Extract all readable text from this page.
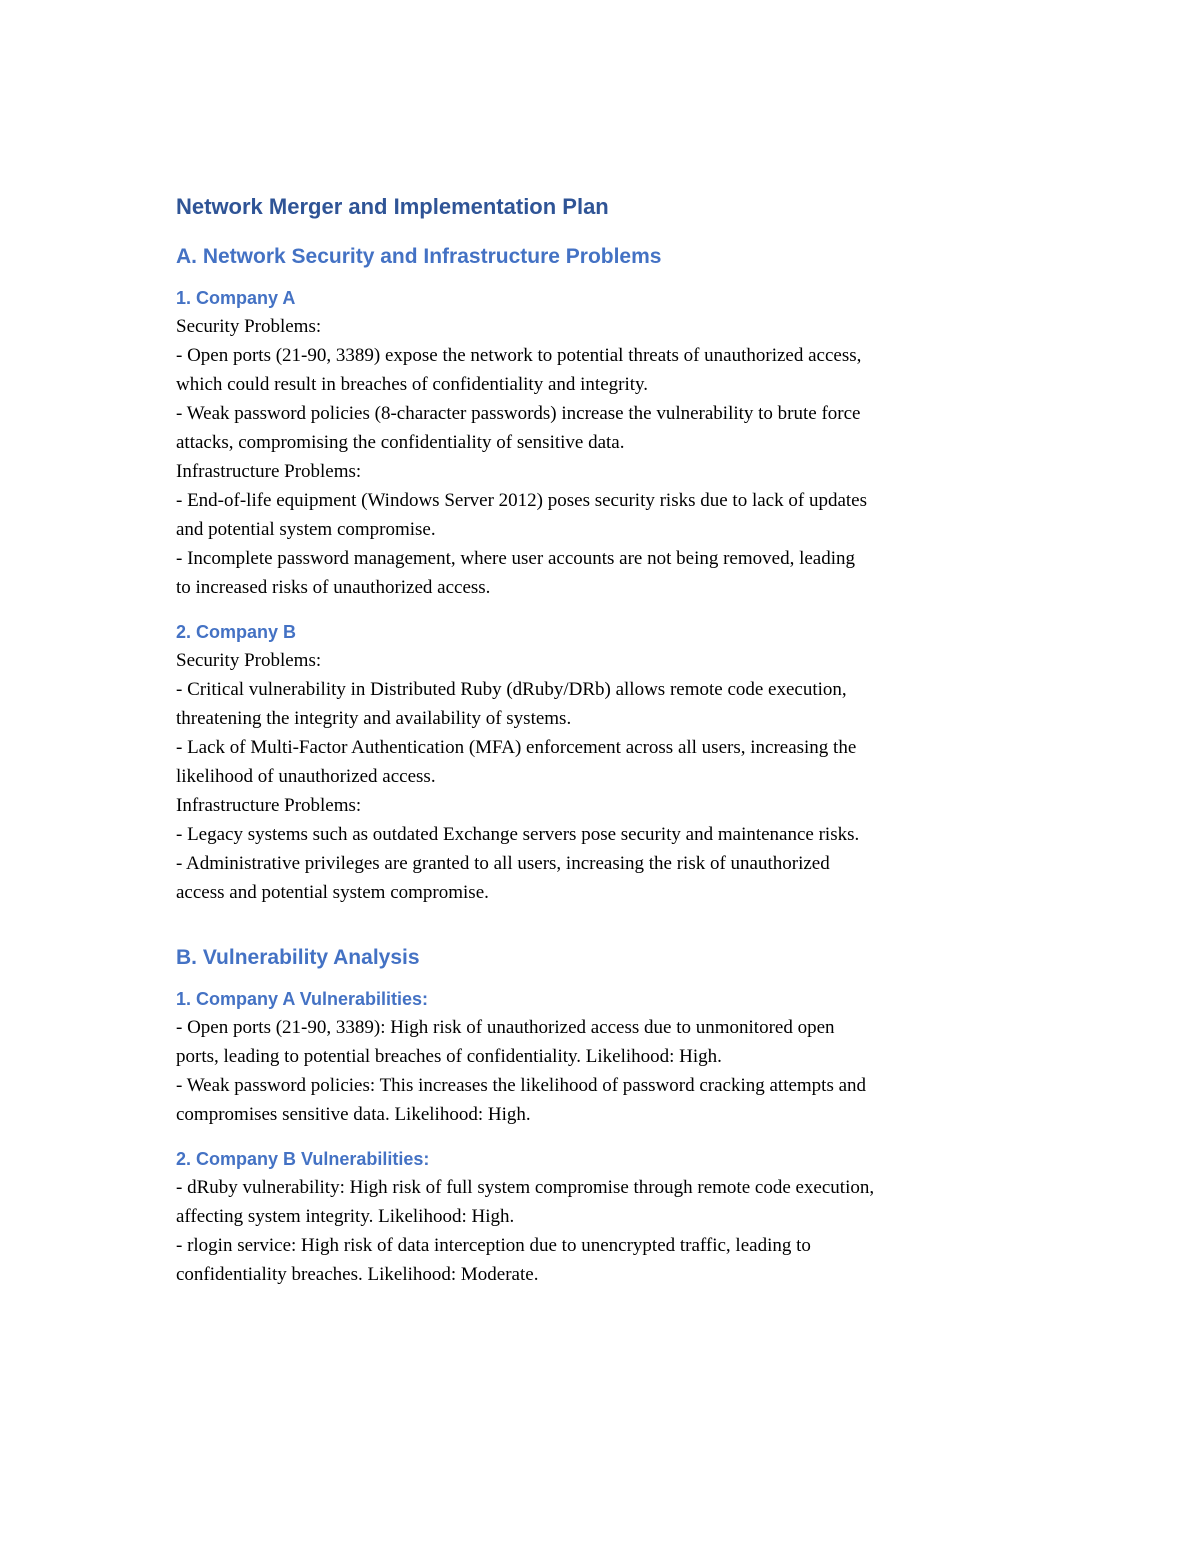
Network Merger and Implementation Plan
A. Network Security and Infrastructure Problems
1. Company A
Security Problems:
- Open ports (21-90, 3389) expose the network to potential threats of unauthorized access,
which could result in breaches of confidentiality and integrity.
- Weak password policies (8-character passwords) increase the vulnerability to brute force
attacks, compromising the confidentiality of sensitive data.
Infrastructure Problems:
- End-of-life equipment (Windows Server 2012) poses security risks due to lack of updates
and potential system compromise.
- Incomplete password management, where user accounts are not being removed, leading
to increased risks of unauthorized access.
2. Company B
Security Problems:
- Critical vulnerability in Distributed Ruby (dRuby/DRb) allows remote code execution,
threatening the integrity and availability of systems.
- Lack of Multi-Factor Authentication (MFA) enforcement across all users, increasing the
likelihood of unauthorized access.
Infrastructure Problems:
- Legacy systems such as outdated Exchange servers pose security and maintenance risks.
- Administrative privileges are granted to all users, increasing the risk of unauthorized
access and potential system compromise.
B. Vulnerability Analysis
1. Company A Vulnerabilities:
- Open ports (21-90, 3389): High risk of unauthorized access due to unmonitored open
ports, leading to potential breaches of confidentiality. Likelihood: High.
- Weak password policies: This increases the likelihood of password cracking attempts and
compromises sensitive data. Likelihood: High.
2. Company B Vulnerabilities:
- dRuby vulnerability: High risk of full system compromise through remote code execution,
affecting system integrity. Likelihood: High.
- rlogin service: High risk of data interception due to unencrypted traffic, leading to
confidentiality breaches. Likelihood: Moderate.
